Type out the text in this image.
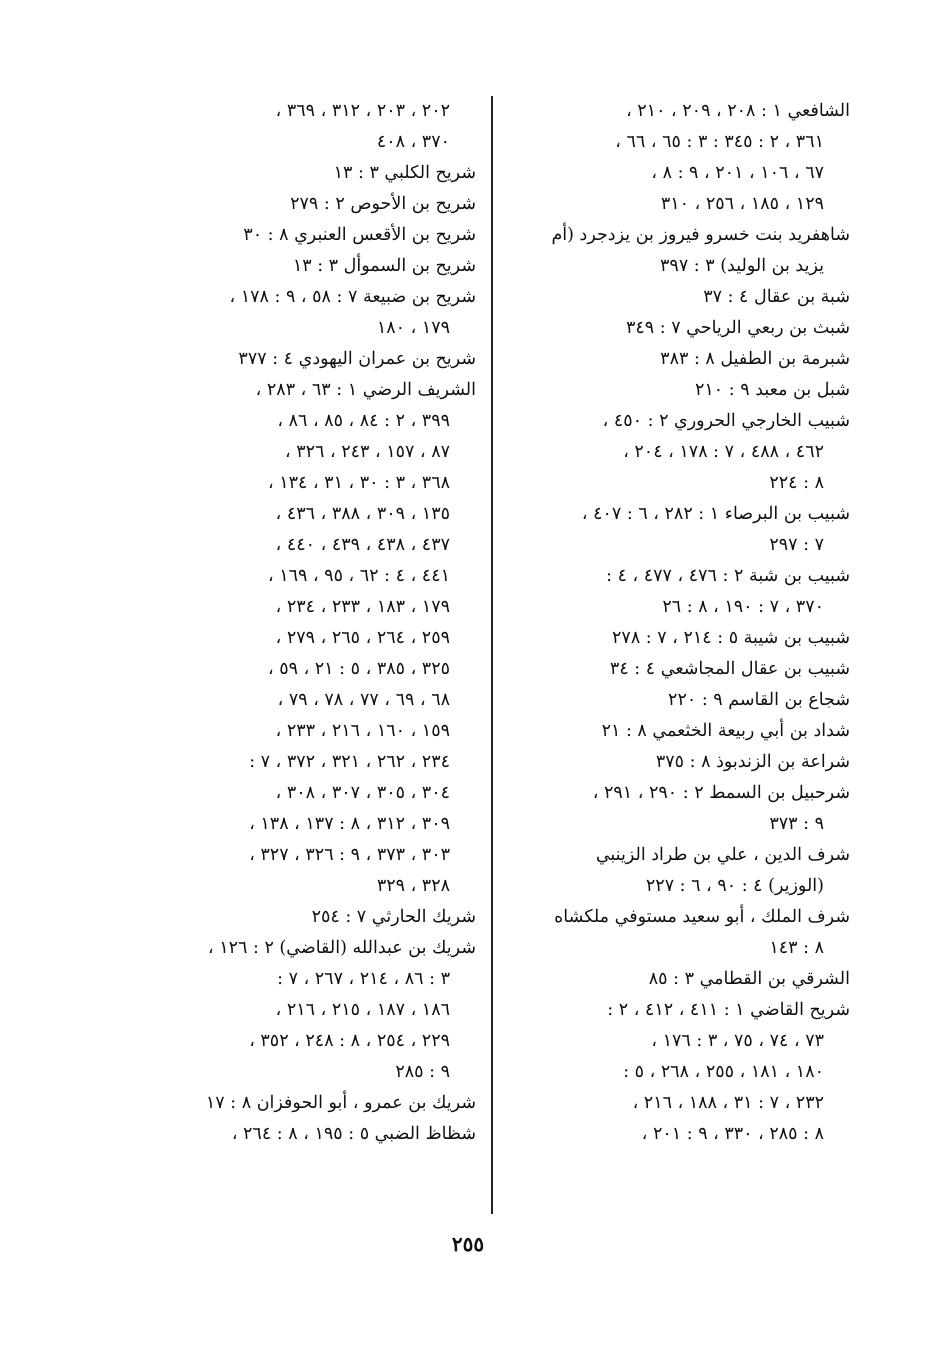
الشافعي ١ : ٢٠٨ ، ٢٠٩ ، ٢١٠ ،
٣٦١ ، ٢ : ٣٤٥ : ٣ : ٦٥ ، ٦٦ ،
٦٧ ، ١٠٦ ، ٢٠١ ، ٩ : ٨ ،
١٢٩ ، ١٨٥ ، ٢٥٦ ، ٣١٠
شاهفريد بنت خسرو فيروز بن يزدجرد (أم
يزيد بن الوليد) ٣ : ٣٩٧
شبة بن عقال ٤ : ٣٧
شبث بن ربعي الرياحي ٧ : ٣٤٩
شبرمة بن الطفيل ٨ : ٣٨٣
شبل بن معبد ٩ : ٢١٠
شبيب الخارجي الحروري ٢ : ٤٥٠ ،
٤٦٢ ، ٤٨٨ ، ٧ : ١٧٨ ، ٢٠٤ ،
٨ : ٢٢٤
شبيب بن البرصاء ١ : ٢٨٢ ، ٦ : ٤٠٧ ،
٧ : ٢٩٧
شبيب بن شبة ٢ : ٤٧٦ ، ٤٧٧ ، ٤ :
٣٧٠ ، ٧ : ١٩٠ ، ٨ : ٢٦
شبيب بن شيبة ٥ : ٢١٤ ، ٧ : ٢٧٨
شبيب بن عقال المجاشعي ٤ : ٣٤
شجاع بن القاسم ٩ : ٢٢٠
شداد بن أبي ربيعة الخثعمي ٨ : ٢١
شراعة بن الزندبوذ ٨ : ٣٧٥
شرحبيل بن السمط ٢ : ٢٩٠ ، ٢٩١ ،
٩ : ٣٧٣
شرف الدين ، علي بن طراد الزينبي
(الوزير) ٤ : ٩٠ ، ٦ : ٢٢٧
شرف الملك ، أبو سعيد مستوفي ملكشاه
٨ : ١٤٣
الشرقي بن القطامي ٣ : ٨٥
شريح القاضي ١ : ٤١١ ، ٤١٢ ، ٢ :
٧٣ ، ٧٤ ، ٧٥ ، ٣ : ١٧٦ ،
١٨٠ ، ١٨١ ، ٢٥٥ ، ٢٦٨ ، ٥ :
٢٣٢ ، ٧ : ٣١ ، ١٨٨ ، ٢١٦ ،
٨ : ٢٨٥ ، ٣٣٠ ، ٩ : ٢٠١ ،
٢٠٢ ، ٢٠٣ ، ٣١٢ ، ٣٦٩ ،
٣٧٠ ، ٤٠٨
شريح الكلبي ٣ : ١٣
شريح بن الأحوص ٢ : ٢٧٩
شريح بن الأقعس العنبري ٨ : ٣٠
شريح بن السموأل ٣ : ١٣
شريح بن ضبيعة ٧ : ٥٨ ، ٩ : ١٧٨ ،
١٧٩ ، ١٨٠
شريح بن عمران اليهودي ٤ : ٣٧٧
الشريف الرضي ١ : ٦٣ ، ٢٨٣ ،
٣٩٩ ، ٢ : ٨٤ ، ٨٥ ، ٨٦ ،
٨٧ ، ١٥٧ ، ٢٤٣ ، ٣٢٦ ،
٣٦٨ ، ٣ : ٣٠ ، ٣١ ، ١٣٤ ،
١٣٥ ، ٣٠٩ ، ٣٨٨ ، ٤٣٦ ،
٤٣٧ ، ٤٣٨ ، ٤٣٩ ، ٤٤٠ ،
٤٤١ ، ٤ : ٦٢ ، ٩٥ ، ١٦٩ ،
١٧٩ ، ١٨٣ ، ٢٣٣ ، ٢٣٤ ،
٢٥٩ ، ٢٦٤ ، ٢٦٥ ، ٢٧٩ ،
٣٢٥ ، ٣٨٥ ، ٥ : ٢١ ، ٥٩ ،
٦٨ ، ٦٩ ، ٧٧ ، ٧٨ ، ٧٩ ،
١٥٩ ، ١٦٠ ، ٢١٦ ، ٢٣٣ ،
٢٣٤ ، ٢٦٢ ، ٣٢١ ، ٣٧٢ ، ٧ :
٣٠٤ ، ٣٠٥ ، ٣٠٧ ، ٣٠٨ ،
٣٠٩ ، ٣١٢ ، ٨ : ١٣٧ ، ١٣٨ ،
٣٠٣ ، ٣٧٣ ، ٩ : ٣٢٦ ، ٣٢٧ ،
٣٢٨ ، ٣٢٩
شريك الحارثي ٧ : ٢٥٤
شريك بن عبدالله (القاضي) ٢ : ١٢٦ ،
٣ : ٨٦ ، ٢١٤ ، ٢٦٧ ، ٧ :
١٨٦ ، ١٨٧ ، ٢١٥ ، ٢١٦ ،
٢٢٩ ، ٢٥٤ ، ٨ : ٢٤٨ ، ٣٥٢ ،
٩ : ٢٨٥
شريك بن عمرو ، أبو الحوفزان ٨ : ١٧
شظاظ الضبي ٥ : ١٩٥ ، ٨ : ٢٦٤ ،
٢٥٥
